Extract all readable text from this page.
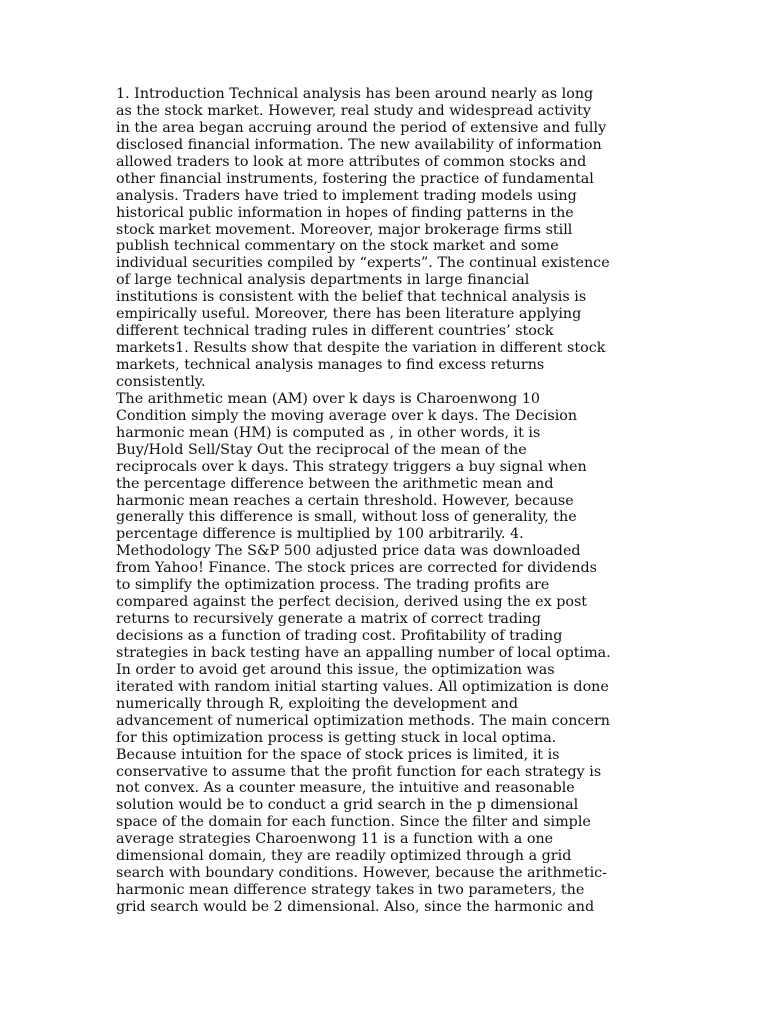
1. Introduction Technical analysis has been around nearly as long
as the stock market. However, real study and widespread activity
in the area began accruing around the period of extensive and fully
disclosed financial information. The new availability of information
allowed traders to look at more attributes of common stocks and
other financial instruments, fostering the practice of fundamental
analysis. Traders have tried to implement trading models using
historical public information in hopes of finding patterns in the
stock market movement. Moreover, major brokerage firms still
publish technical commentary on the stock market and some
individual securities compiled by “experts”. The continual existence
of large technical analysis departments in large financial
institutions is consistent with the belief that technical analysis is
empirically useful. Moreover, there has been literature applying
different technical trading rules in different countries’ stock
markets1. Results show that despite the variation in different stock
markets, technical analysis manages to find excess returns
consistently.
The arithmetic mean (AM) over k days is Charoenwong 10
Condition simply the moving average over k days. The Decision
harmonic mean (HM) is computed as , in other words, it is
Buy/Hold Sell/Stay Out the reciprocal of the mean of the
reciprocals over k days. This strategy triggers a buy signal when
the percentage difference between the arithmetic mean and
harmonic mean reaches a certain threshold. However, because
generally this difference is small, without loss of generality, the
percentage difference is multiplied by 100 arbitrarily. 4.
Methodology The S&P 500 adjusted price data was downloaded
from Yahoo! Finance. The stock prices are corrected for dividends
to simplify the optimization process. The trading profits are
compared against the perfect decision, derived using the ex post
returns to recursively generate a matrix of correct trading
decisions as a function of trading cost. Profitability of trading
strategies in back testing have an appalling number of local optima.
In order to avoid get around this issue, the optimization was
iterated with random initial starting values. All optimization is done
numerically through R, exploiting the development and
advancement of numerical optimization methods. The main concern
for this optimization process is getting stuck in local optima.
Because intuition for the space of stock prices is limited, it is
conservative to assume that the profit function for each strategy is
not convex. As a counter measure, the intuitive and reasonable
solution would be to conduct a grid search in the p dimensional
space of the domain for each function. Since the filter and simple
average strategies Charoenwong 11 is a function with a one
dimensional domain, they are readily optimized through a grid
search with boundary conditions. However, because the arithmetic-
harmonic mean difference strategy takes in two parameters, the
grid search would be 2 dimensional. Also, since the harmonic and
